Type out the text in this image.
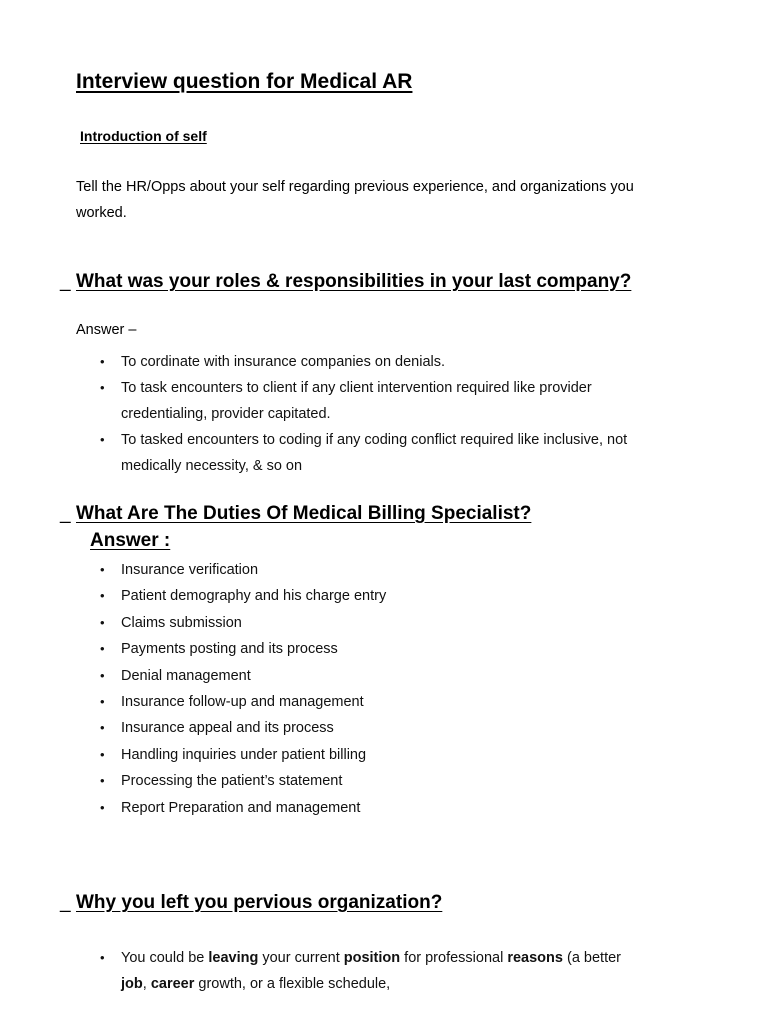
Interview question for Medical AR
Introduction of self

Tell the HR/Opps about your self regarding previous experience, and organizations you worked.

_ What was your roles & responsibilities in your last company?
Answer –
• To cordinate with insurance companies on denials.
• To task encounters to client if any client intervention required like provider credentialing, provider capitated.
• To tasked encounters to coding if any coding conflict required like inclusive, not medically necessity, & so on
_ What Are The Duties Of Medical Billing Specialist?
Answer :
• Insurance verification
• Patient demography and his charge entry
• Claims submission
• Payments posting and its process
• Denial management
• Insurance follow-up and management
• Insurance appeal and its process
• Handling inquiries under patient billing
• Processing the patient’s statement
• Report Preparation and management
_ Why you left you pervious organization?
• You could be leaving your current position for professional reasons (a better job, career growth, or a flexible schedule,
